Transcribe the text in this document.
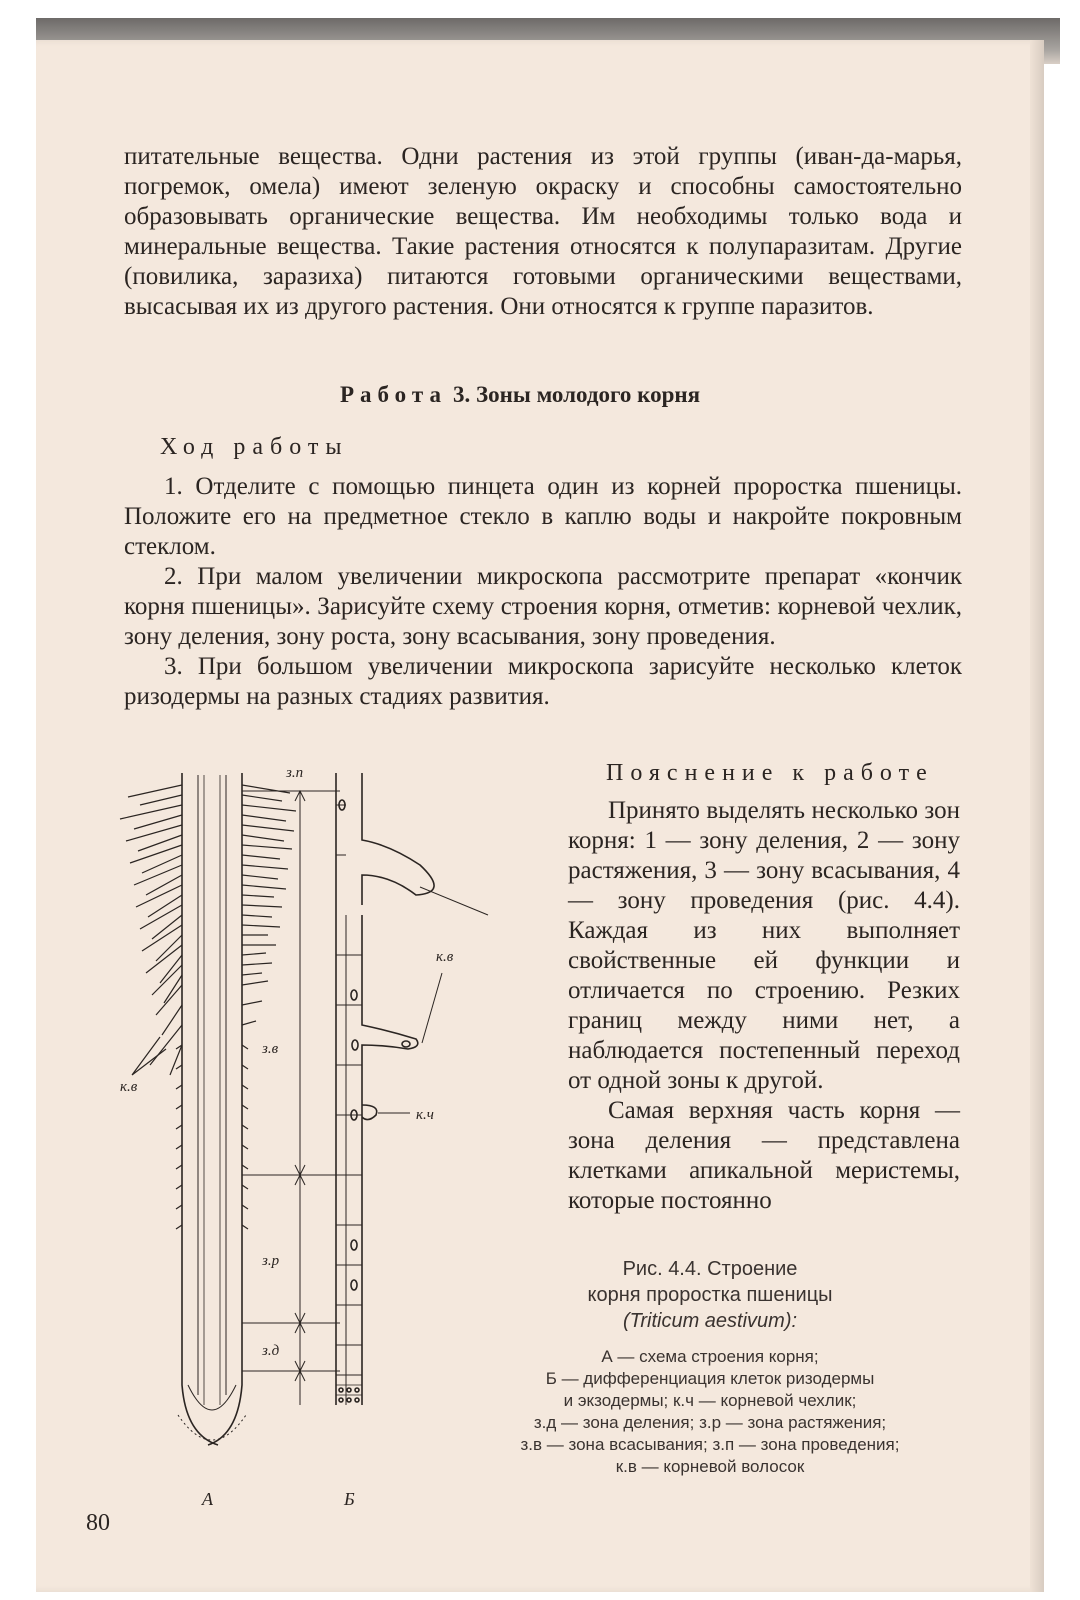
питательные вещества. Одни растения из этой группы (иван-да-марья, погремок, омела) имеют зеленую окраску и способны самостоятельно образовывать органические вещества. Им необходимы только вода и минеральные вещества. Такие растения относятся к полупаразитам. Другие (повилика, заразиха) питаются готовыми органическими веществами, высасывая их из другого растения. Они относятся к группе паразитов.

Работа 3. Зоны молодого корня

Ход работы

1. Отделите с помощью пинцета один из корней проростка пшеницы. Положите его на предметное стекло в каплю воды и накройте покровным стеклом.

2. При малом увеличении микроскопа рассмотрите препарат «кончик корня пшеницы». Зарисуйте схему строения корня, отметив: корневой чехлик, зону деления, зону роста, зону всасывания, зону проведения.

3. При большом увеличении микроскопа зарисуйте несколько клеток ризодермы на разных стадиях развития.

Пояснение к работе

Принято выделять несколько зон корня: 1 — зону деления, 2 — зону растяжения, 3 — зону всасывания, 4 — зону проведения (рис. 4.4). Каждая из них выполняет свойственные ей функции и отличается по строению. Резких границ между ними нет, а наблюдается постепенный переход от одной зоны к другой.

Самая верхняя часть корня — зона деления — представлена клетками апикальной меристемы, которые постоянно

з.п
з.в
з.р
з.д
к.в
к.в
к.ч
А	Б
Рис. 4.4. Строение
корня проростка пшеницы
(Triticum aestivum):
А — схема строения корня;
Б — дифференциация клеток ризодермы
и экзодермы; к.ч — корневой чехлик;
з.д — зона деления; з.р — зона растяжения;
з.в — зона всасывания; з.п — зона проведения;
к.в — корневой волосок
80
